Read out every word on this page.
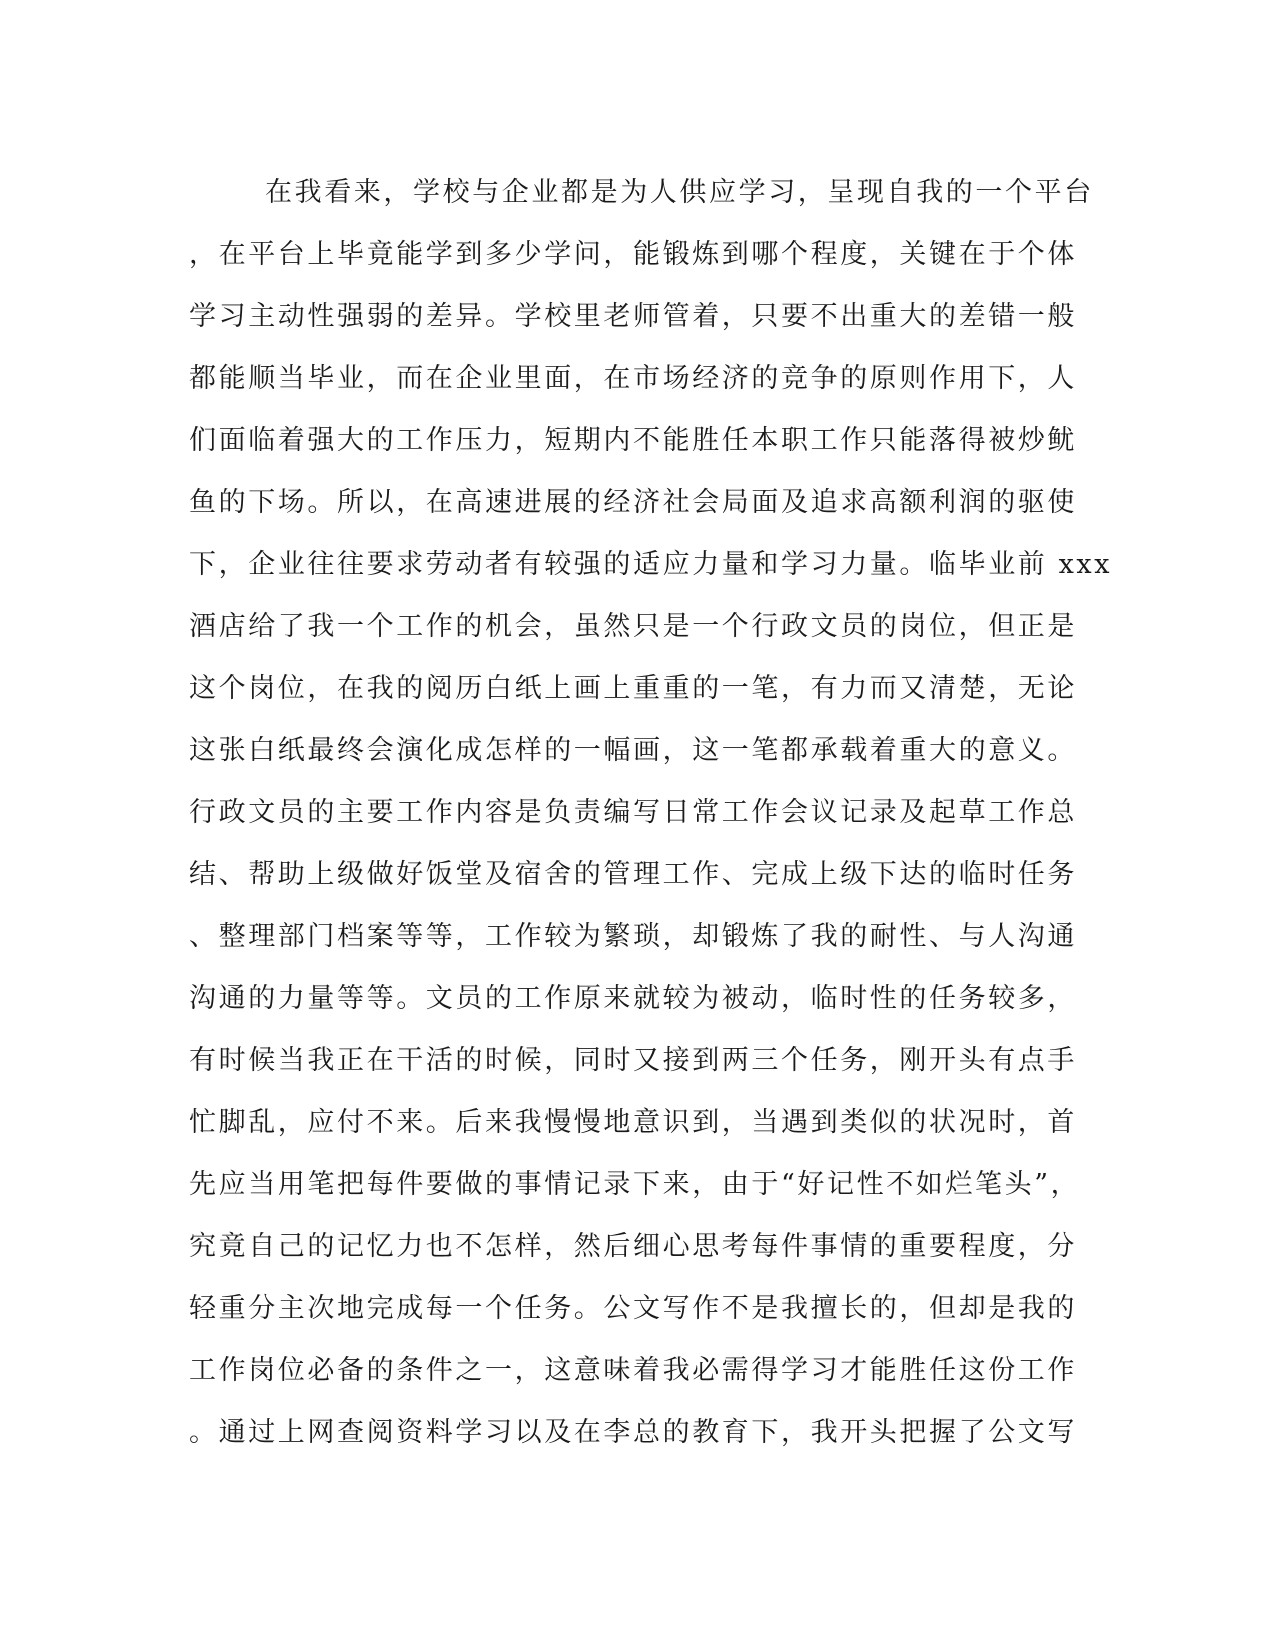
在我看来，学校与企业都是为人供应学习，呈现自我的一个平台
，在平台上毕竟能学到多少学问，能锻炼到哪个程度，关键在于个体
学习主动性强弱的差异。学校里老师管着，只要不出重大的差错一般
都能顺当毕业，而在企业里面，在市场经济的竞争的原则作用下，人
们面临着强大的工作压力，短期内不能胜任本职工作只能落得被炒鱿
鱼的下场。所以，在高速进展的经济社会局面及追求高额利润的驱使
下，企业往往要求劳动者有较强的适应力量和学习力量。临毕业前 xxx
酒店给了我一个工作的机会，虽然只是一个行政文员的岗位，但正是
这个岗位，在我的阅历白纸上画上重重的一笔，有力而又清楚，无论
这张白纸最终会演化成怎样的一幅画，这一笔都承载着重大的意义。
行政文员的主要工作内容是负责编写日常工作会议记录及起草工作总
结、帮助上级做好饭堂及宿舍的管理工作、完成上级下达的临时任务
、整理部门档案等等，工作较为繁琐，却锻炼了我的耐性、与人沟通
沟通的力量等等。文员的工作原来就较为被动，临时性的任务较多，
有时候当我正在干活的时候，同时又接到两三个任务，刚开头有点手
忙脚乱，应付不来。后来我慢慢地意识到，当遇到类似的状况时，首
先应当用笔把每件要做的事情记录下来，由于“好记性不如烂笔头”，
究竟自己的记忆力也不怎样，然后细心思考每件事情的重要程度，分
轻重分主次地完成每一个任务。公文写作不是我擅长的，但却是我的
工作岗位必备的条件之一，这意味着我必需得学习才能胜任这份工作
。通过上网查阅资料学习以及在李总的教育下，我开头把握了公文写
